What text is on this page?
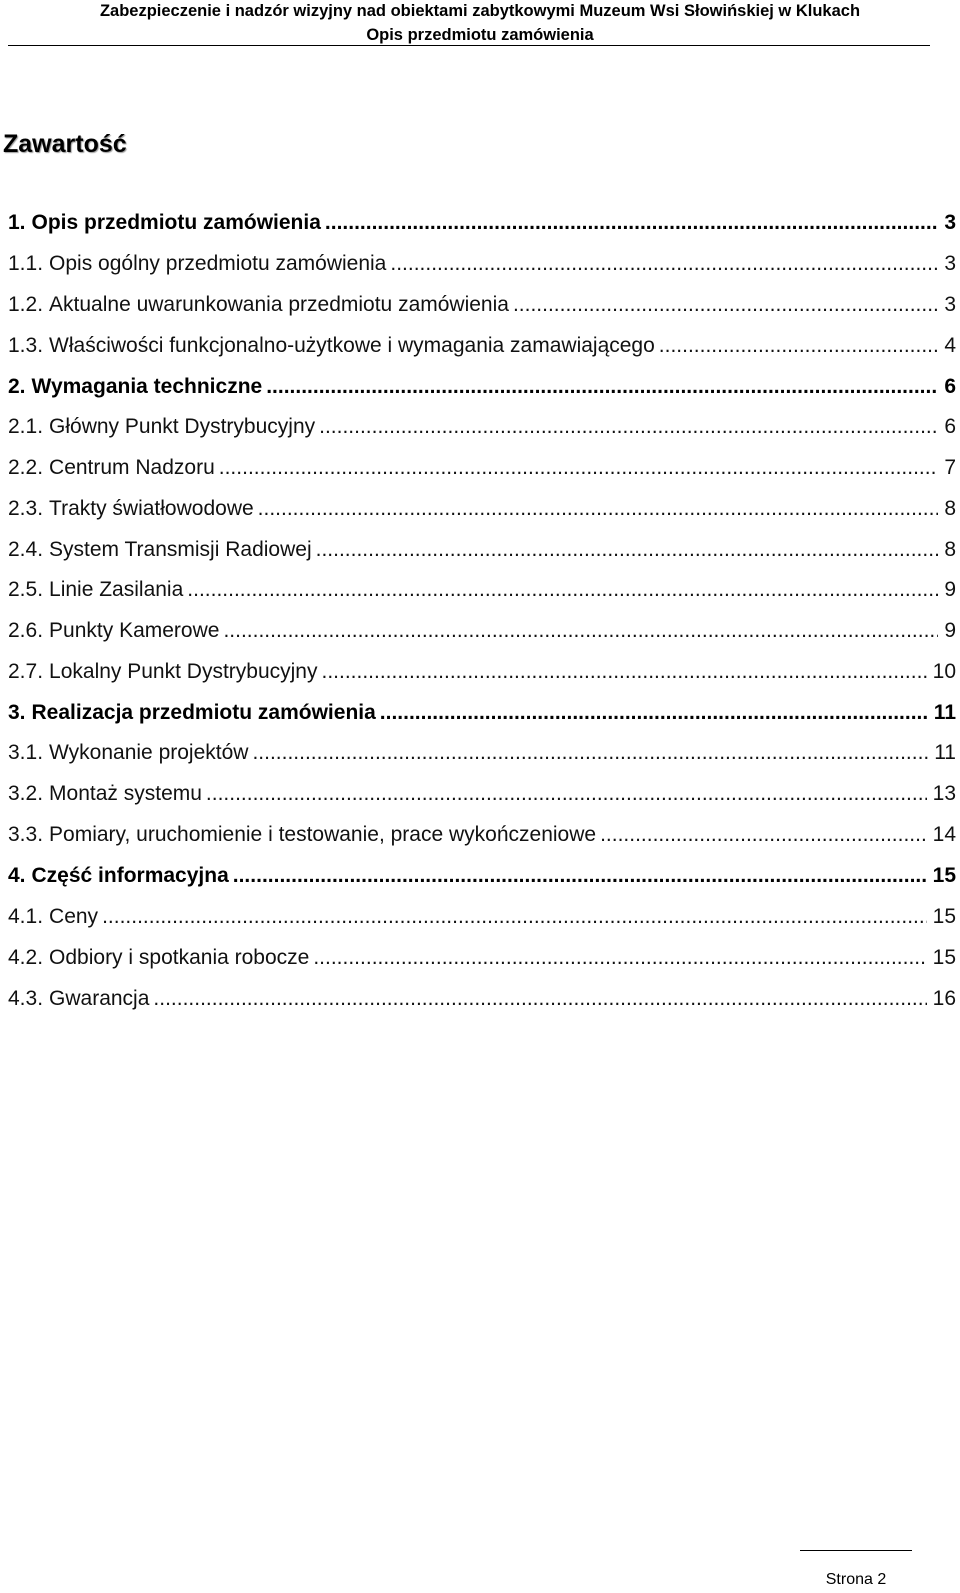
Zabezpieczenie i nadzór wizyjny nad obiektami zabytkowymi Muzeum Wsi Słowińskiej w Klukach
Opis przedmiotu zamówienia
Zawartość
1. Opis przedmiotu zamówienia .....	3
1.1. Opis ogólny przedmiotu zamówienia .....	3
1.2. Aktualne uwarunkowania przedmiotu zamówienia .....	3
1.3. Właściwości funkcjonalno-użytkowe i wymagania zamawiającego .....	4
2. Wymagania techniczne .....	6
2.1. Główny Punkt Dystrybucyjny .....	6
2.2. Centrum Nadzoru .....	7
2.3. Trakty światłowodowe .....	8
2.4. System Transmisji Radiowej .....	8
2.5. Linie Zasilania .....	9
2.6. Punkty Kamerowe .....	9
2.7. Lokalny Punkt Dystrybucyjny .....	10
3. Realizacja przedmiotu zamówienia .....	11
3.1. Wykonanie projektów .....	11
3.2. Montaż systemu .....	13
3.3. Pomiary, uruchomienie i testowanie, prace wykończeniowe .....	14
4. Część informacyjna .....	15
4.1. Ceny .....	15
4.2. Odbiory i spotkania robocze .....	15
4.3. Gwarancja .....	16
Strona 2
